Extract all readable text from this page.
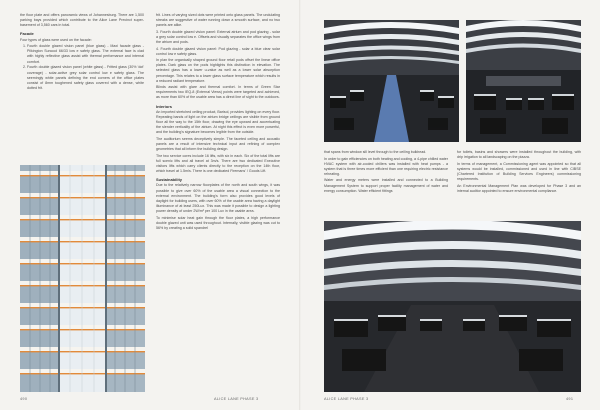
the floor plate and offers panoramic views of Johannesburg. There are 1,500 parking bays provided which contribute to the Alice Lane Precinct super-basement of 3,560 cars in total.

Facade

Four types of glass were used on the facade:

1. Fourth double glazed vision panel (blue glass) - Maxi facade glass - Pilkington Suncool 66/33 low e safety glass. The external face is clad with highly reflective glass assist with thermal performance and internal comfort.
2. Fourth double glazed vision panel (white glass) - Fritted glass (30% 'dot' coverage) - solar-active grey solar control low e safety glass. The seemingly white panels defining the end corners of the office plates consist of 8mm toughened safety glass covered with a dense, white dotted frit.

frit. Lines of varying sized dots were printed onto glass panels. The undulating streaks are suggestive of water running down a smooth surface, and no two panels are alike.

3. Fourth double glazed vision panel: External atrium and pod glazing - solar a grey solar control low e. Offsets and visually separates the office wings from the atrium and pods.

4. Fourth double glazed vision panel: Pod glazing - solar a blue clear solar control low e safety glass.

In plan the organically shaped ground floor retail pods offset the linear office plates. Dark glass on the pods highlights this distinction in elevation. The selected glass has a lower u-value as well as a lower solar absorption percentage. This relates to a lower glass surface temperature which results in a reduced radiant temperature.

Blinds assist with glare and thermal comfort. In terms of Green Star requirements two IEQ-8 (External Views) points were targeted and achieved, as more than 60% of the usable area has a direct line of sight to the outdoors.

Interiors

An imported stretched ceiling product, Barisol, provides lighting on every floor. Repeating bands of light on the atrium bridge ceilings are visible from ground floor all the way to the 15th floor, drawing the eye upward and accentuating the slender verticality of the atrium. At night this effect is even more powerful, and the building's signature becomes legible from the outside.

The auditorium seems deceptively simple. The faceted ceiling and acoustic panels are a result of intensive technical input and refining of complex geometries that all inform the building design.

The two service cores include 16 lifts, with six in each. Six of the total lifts are full scenic lifts and all travel at 3m/s. There are two dedicated Executive visitors lifts which carry clients directly to the reception on the 14th floor, which travel at 1.5m/s. There is one dedicated Firemans' / Goods Lift.

Sustainability

Due to the relatively narrow floorplates of the north and south wings, it was possible to give over 60% of the usable area a visual connection to the external environment. The building's form also provides good levels of daylight for building users, with over 60% of the usable area having a daylight illuminance of at least 250Lux. This was made it possible to design a lighting power density of under 2W/m² per 100 Lux in the usable area.

To minimise solar heat gain through the floor plates, a high performance double glazed unit was used throughout. Internally, visible glazing was cut to 56% by creating a solid spandrel

490	ALICE LANE PHASE 3

that spans from window sill level through to the ceiling bulkhead.

In order to gain efficiencies on both heating and cooling, a 4-pipe chilled water HVAC system with air-cooled chillers was installed with heat pumps - a system that is three times more efficient than one requiring electric resistance reheating.

Water and energy meters were installed and connected to a Building Management System to support proper facility management of water and energy consumption. Water efficient fittings

for toilets, basins and showers were installed throughout the building, with drip irrigation to all landscaping on the piazza.

In terms of management, a Commissioning agent was appointed so that all systems would be installed, commissioned and used in line with CIBSE (Chartered Institution of Building Services Engineers) commissioning requirements.

An Environmental Management Plan was developed for Phase 3 and an internal auditor appointed to ensure environmental compliance.

ALICE LANE PHASE 3	491
